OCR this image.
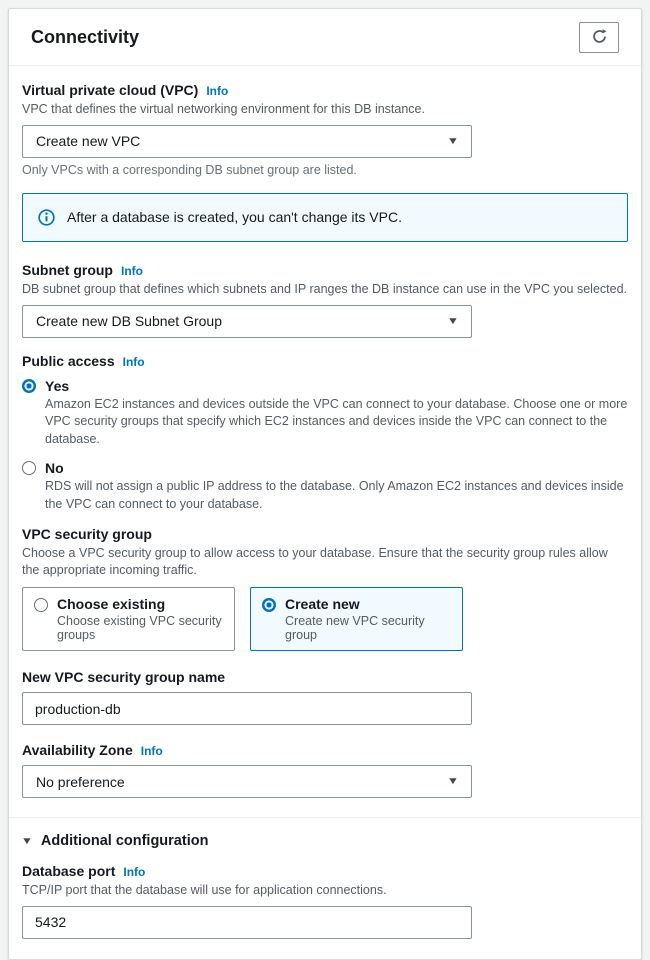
Connectivity
Virtual private cloud (VPC) Info
VPC that defines the virtual networking environment for this DB instance.
Create new VPC	▼
Only VPCs with a corresponding DB subnet group are listed.
After a database is created, you can't change its VPC.
Subnet group Info
DB subnet group that defines which subnets and IP ranges the DB instance can use in the VPC you selected.
Create new DB Subnet Group	▼
Public access Info
Yes
Amazon EC2 instances and devices outside the VPC can connect to your database. Choose one or more VPC security groups that specify which EC2 instances and devices inside the VPC can connect to the database.
No
RDS will not assign a public IP address to the database. Only Amazon EC2 instances and devices inside the VPC can connect to your database.
VPC security group
Choose a VPC security group to allow access to your database. Ensure that the security group rules allow the appropriate incoming traffic.
Choose existing
Choose existing VPC security groups
Create new
Create new VPC security group
New VPC security group name
production-db
Availability Zone Info
No preference	▼
▼ Additional configuration
Database port Info
TCP/IP port that the database will use for application connections.
5432
